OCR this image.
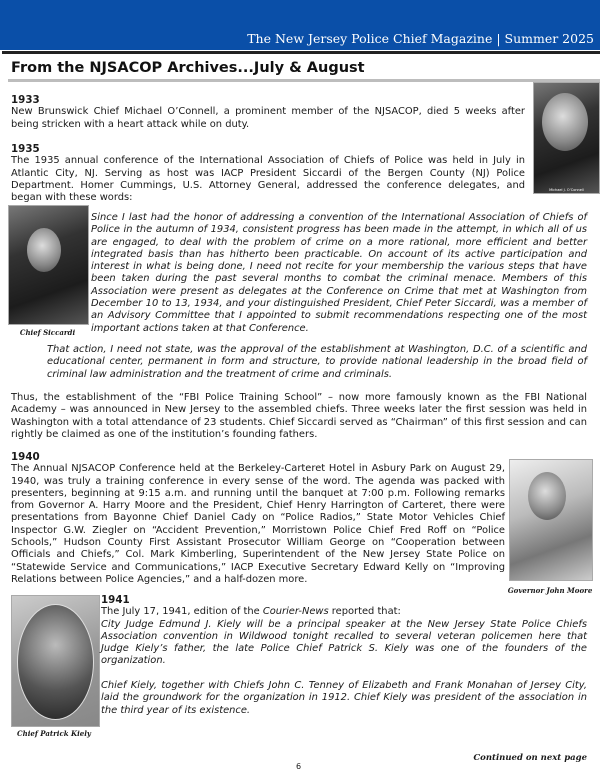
The New Jersey Police Chief Magazine | Summer 2025
From the NJSACOP Archives...July & August
1933
New Brunswick Chief Michael O’Connell, a prominent member of the NJSACOP, died 5 weeks after being stricken with a heart attack while on duty.
Michael J. O’Connell
1935
The 1935 annual conference of the International Association of Chiefs of Police was held in July in Atlantic City, NJ. Serving as host was IACP President Siccardi of the Bergen County (NJ) Police Department. Homer Cummings, U.S. Attorney General, addressed the conference delegates, and began with these words:
Chief Siccardi
Since I last had the honor of addressing a convention of the International Association of Chiefs of Police in the autumn of 1934, consistent progress has been made in the attempt, in which all of us are engaged, to deal with the problem of crime on a more rational, more efficient and better integrated basis than has hitherto been practicable. On account of its active participation and interest in what is being done, I need not recite for your membership the various steps that have been taken during the past several months to combat the criminal menace. Members of this Association were present as delegates at the Conference on Crime that met at Washington from December 10 to 13, 1934, and your distinguished President, Chief Peter Siccardi, was a member of an Advisory Committee that I appointed to submit recommendations respecting one of the most important actions taken at that Conference.
That action, I need not state, was the approval of the establishment at Washington, D.C. of a scientific and educational center, permanent in form and structure, to provide national leadership in the broad field of criminal law administration and the treatment of crime and criminals.
Thus, the establishment of the “FBI Police Training School” – now more famously known as the FBI National Academy – was announced in New Jersey to the assembled chiefs. Three weeks later the first session was held in Washington with a total attendance of 23 students. Chief Siccardi served as “Chairman” of this first session and can rightly be claimed as one of the institution’s founding fathers.
1940
The Annual NJSACOP Conference held at the Berkeley-Carteret Hotel in Asbury Park on August 29, 1940, was truly a training conference in every sense of the word. The agenda was packed with presenters, beginning at 9:15 a.m. and running until the banquet at 7:00 p.m. Following remarks from Governor A. Harry Moore and the President, Chief Henry Harrington of Carteret, there were presentations from Bayonne Chief Daniel Cady on “Police Radios,” State Motor Vehicles Chief Inspector G.W. Ziegler on “Accident Prevention,” Morristown Police Chief Fred Roff on “Police Schools,” Hudson County First Assistant Prosecutor William George on “Cooperation between Officials and Chiefs,” Col. Mark Kimberling, Superintendent of the New Jersey State Police on “Statewide Service and Communications,” IACP Executive Secretary Edward Kelly on “Improving Relations between Police Agencies,” and a half-dozen more.
Governor John Moore
Chief Patrick Kiely
1941
The July 17, 1941, edition of the Courier-News reported that:

City Judge Edmund J. Kiely will be a principal speaker at the New Jersey State Police Chiefs Association convention in Wildwood tonight recalled to several veteran policemen here that Judge Kiely’s father, the late Police Chief Patrick S. Kiely was one of the founders of the organization.

Chief Kiely, together with Chiefs John C. Tenney of Elizabeth and Frank Monahan of Jersey City, laid the groundwork for the organization in 1912. Chief Kiely was president of the association in the third year of its existence.

Continued on next page
6
